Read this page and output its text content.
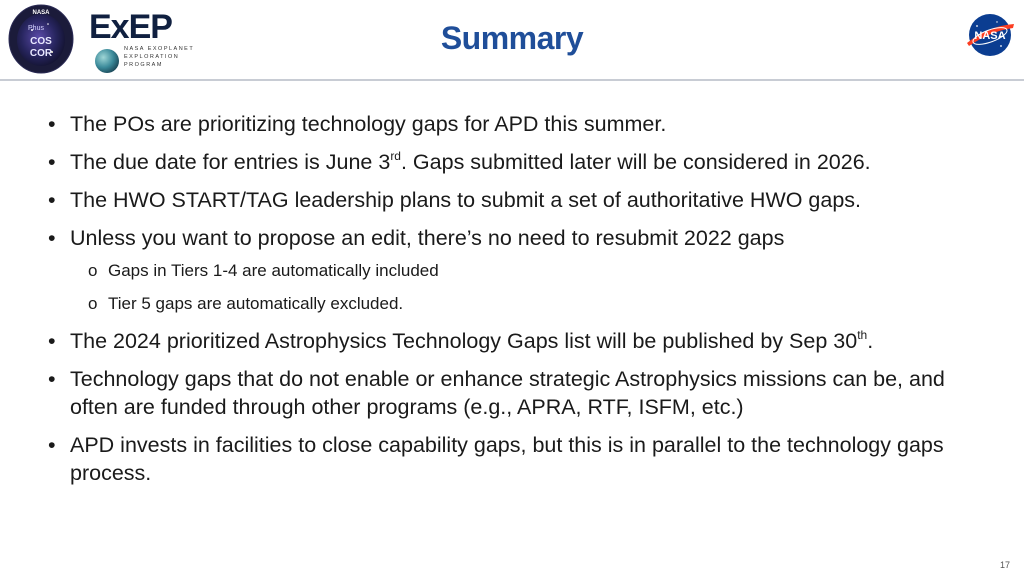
NASA
COS
COR
Phus ExEP
NASA EXOPLANET
EXPLORATION
PROGRAM
Summary	NASA
• The POs are prioritizing technology gaps for APD this summer.
• The due date for entries is June 3rd. Gaps submitted later will be considered in 2026.
• The HWO START/TAG leadership plans to submit a set of authoritative HWO gaps.
• Unless you want to propose an edit, there’s no need to resubmit 2022 gaps
o Gaps in Tiers 1-4 are automatically included
o Tier 5 gaps are automatically excluded.
• The 2024 prioritized Astrophysics Technology Gaps list will be published by Sep 30th.
• Technology gaps that do not enable or enhance strategic Astrophysics missions can be, and often are funded through other programs (e.g., APRA, RTF, ISFM, etc.)
• APD invests in facilities to close capability gaps, but this is in parallel to the technology gaps process.
17
